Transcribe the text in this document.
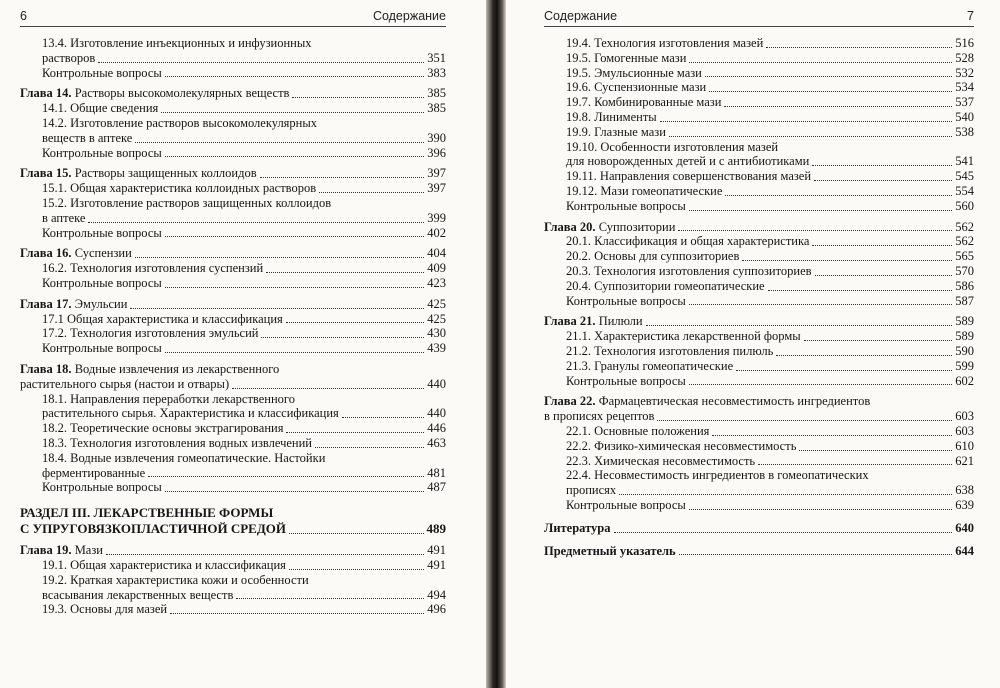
6	Содержание
13.4. Изготовление инъекционных и инфузионных
растворов	351
Контрольные вопросы	383
Глава 14. Растворы высокомолекулярных веществ	385
14.1. Общие сведения	385
14.2. Изготовление растворов высокомолекулярных
веществ в аптеке	390
Контрольные вопросы	396
Глава 15. Растворы защищенных коллоидов	397
15.1. Общая характеристика коллоидных растворов	397
15.2. Изготовление растворов защищенных коллоидов
в аптеке	399
Контрольные вопросы	402
Глава 16. Суспензии	404
16.2. Технология изготовления суспензий	409
Контрольные вопросы	423
Глава 17. Эмульсии	425
17.1 Общая характеристика и классификация	425
17.2. Технология изготовления эмульсий	430
Контрольные вопросы	439
Глава 18. Водные извлечения из лекарственного
растительного сырья (настои и отвары)	440
18.1. Направления переработки лекарственного
растительного сырья. Характеристика и классификация	440
18.2. Теоретические основы экстрагирования	446
18.3. Технология изготовления водных извлечений	463
18.4. Водные извлечения гомеопатические. Настойки
ферментированные	481
Контрольные вопросы	487
РАЗДЕЛ III. ЛЕКАРСТВЕННЫЕ ФОРМЫ
С УПРУГОВЯЗКОПЛАСТИЧНОЙ СРЕДОЙ	489
Глава 19. Мази	491
19.1. Общая характеристика и классификация	491
19.2. Краткая характеристика кожи и особенности
всасывания лекарственных веществ	494
19.3. Основы для мазей	496
Содержание	7
19.4. Технология изготовления мазей	516
19.5. Гомогенные мази	528
19.5. Эмульсионные мази	532
19.6. Суспензионные мази	534
19.7. Комбинированные мази	537
19.8. Линименты	540
19.9. Глазные мази	538
19.10. Особенности изготовления мазей
для новорожденных детей и с антибиотиками	541
19.11. Направления совершенствования мазей	545
19.12. Мази гомеопатические	554
Контрольные вопросы	560
Глава 20. Суппозитории	562
20.1. Классификация и общая характеристика	562
20.2. Основы для суппозиториев	565
20.3. Технология изготовления суппозиториев	570
20.4. Суппозитории гомеопатические	586
Контрольные вопросы	587
Глава 21. Пилюли	589
21.1. Характеристика лекарственной формы	589
21.2. Технология изготовления пилюль	590
21.3. Гранулы гомеопатические	599
Контрольные вопросы	602
Глава 22. Фармацевтическая несовместимость ингредиентов
в прописях рецептов	603
22.1. Основные положения	603
22.2. Физико-химическая несовместимость	610
22.3. Химическая несовместимость	621
22.4. Несовместимость ингредиентов в гомеопатических
прописях	638
Контрольные вопросы	639
Литература	640
Предметный указатель	644
